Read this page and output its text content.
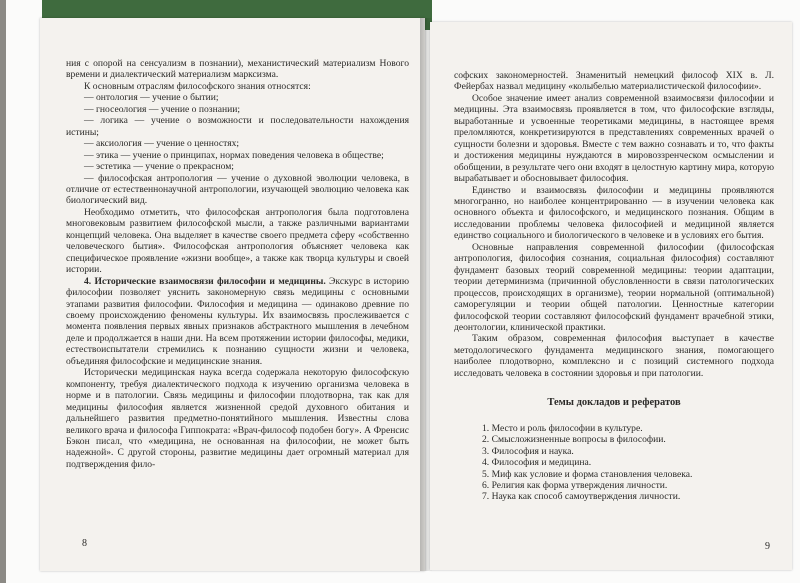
ния с опорой на сенсуализм в познании), механистический материализм Нового времени и диалектический материализм марксизма.

К основным отраслям философского знания относятся:

— онтология — учение о бытии;

— гносеология — учение о познании;

— логика — учение о возможности и последовательности нахождения истины;

— аксиология — учение о ценностях;

— этика — учение о принципах, нормах поведения человека в обществе;

— эстетика — учение о прекрасном;

— философская антропология — учение о духовной эволюции человека, в отличие от естественнонаучной антропологии, изучающей эволюцию человека как биологический вид.

Необходимо отметить, что философская антропология была подготовлена многовековым развитием философской мысли, а также различными вариантами концепций человека. Она выделяет в качестве своего предмета сферу «собственно человеческого бытия». Философская антропология объясняет человека как специфическое проявление «жизни вообще», а также как творца культуры и своей истории.

4. Исторические взаимосвязи философии и медицины. Экскурс в историю философии позволяет уяснить закономерную связь медицины с основными этапами развития философии. Философия и медицина — одинаково древние по своему происхождению феномены культуры. Их взаимосвязь прослеживается с момента появления первых явных признаков абстрактного мышления в лечебном деле и продолжается в наши дни. На всем протяжении истории философы, медики, естествоиспытатели стремились к познанию сущности жизни и человека, объединяя философские и медицинские знания.

Исторически медицинская наука всегда содержала некоторую философскую компоненту, требуя диалектического подхода к изучению организма человека в норме и в патологии. Связь медицины и философии плодотворна, так как для медицины философия является жизненной средой духовного обитания и дальнейшего развития предметно-понятийного мышления. Известны слова великого врача и философа Гиппократа: «Врач-философ подобен богу». А Френсис Бэкон писал, что «медицина, не основанная на философии, не может быть надежной». С другой стороны, развитие медицины дает огромный материал для подтверждения фило-

8

софских закономерностей. Знаменитый немецкий философ XIX в. Л. Фейербах назвал медицину «колыбелью материалистической философии».

Особое значение имеет анализ современной взаимосвязи философии и медицины. Эта взаимосвязь проявляется в том, что философские взгляды, выработанные и усвоенные теоретиками медицины, в настоящее время преломляются, конкретизируются в представлениях современных врачей о сущности болезни и здоровья. Вместе с тем важно сознавать и то, что факты и достижения медицины нуждаются в мировоззренческом осмыслении и обобщении, в результате чего они входят в целостную картину мира, которую вырабатывает и обосновывает философия.

Единство и взаимосвязь философии и медицины проявляются многогранно, но наиболее концентрированно — в изучении человека как основного объекта и философского, и медицинского познания. Общим в исследовании проблемы человека философией и медициной является единство социального и биологического в человеке и в условиях его бытия.

Основные направления современной философии (философская антропология, философия сознания, социальная философия) составляют фундамент базовых теорий современной медицины: теории адаптации, теории детерминизма (причинной обусловленности в связи патологических процессов, происходящих в организме), теории нормальной (оптимальной) саморегуляции и теории общей патологии. Ценностные категории философской теории составляют философский фундамент врачебной этики, деонтологии, клинической практики.

Таким образом, современная философия выступает в качестве методологического фундамента медицинского знания, помогающего наиболее плодотворно, комплексно и с позиций системного подхода исследовать человека в состоянии здоровья и при патологии.

Темы докладов и рефератов
1. Место и роль философии в культуре.
2. Смысложизненные вопросы в философии.
3. Философия и наука.
4. Философия и медицина.
5. Миф как условие и форма становления человека.
6. Религия как форма утверждения личности.
7. Наука как способ самоутверждения личности.
9
